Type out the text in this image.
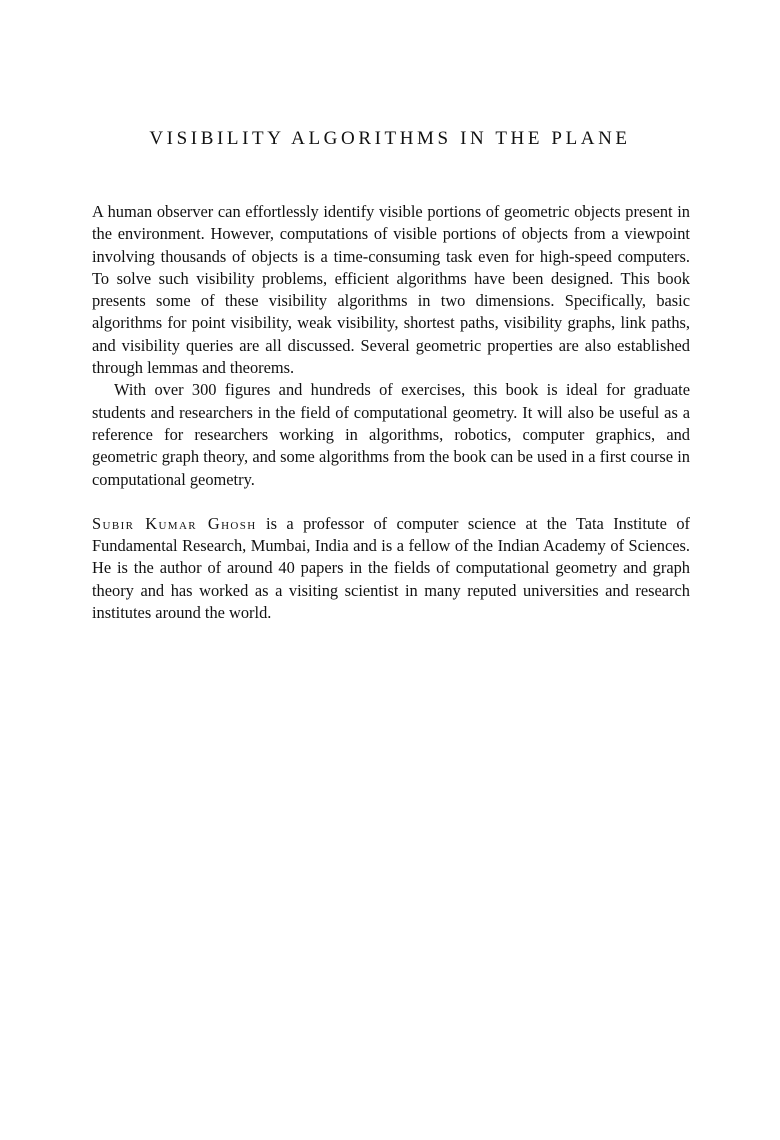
VISIBILITY ALGORITHMS IN THE PLANE

A human observer can effortlessly identify visible portions of geometric objects present in the environment. However, computations of visible portions of objects from a viewpoint involving thousands of objects is a time-consuming task even for high-speed computers. To solve such visibility problems, efficient algorithms have been designed. This book presents some of these visibility algorithms in two dimensions. Specifically, basic algorithms for point visibility, weak visibility, shortest paths, visibility graphs, link paths, and visibility queries are all discussed. Several geometric properties are also established through lemmas and theorems.

With over 300 figures and hundreds of exercises, this book is ideal for graduate students and researchers in the field of computational geometry. It will also be useful as a reference for researchers working in algorithms, robotics, computer graphics, and geometric graph theory, and some algorithms from the book can be used in a first course in computational geometry.

Subir Kumar Ghosh is a professor of computer science at the Tata Institute of Fundamental Research, Mumbai, India and is a fellow of the Indian Academy of Sciences. He is the author of around 40 papers in the fields of computational geometry and graph theory and has worked as a visiting scientist in many reputed universities and research institutes around the world.
